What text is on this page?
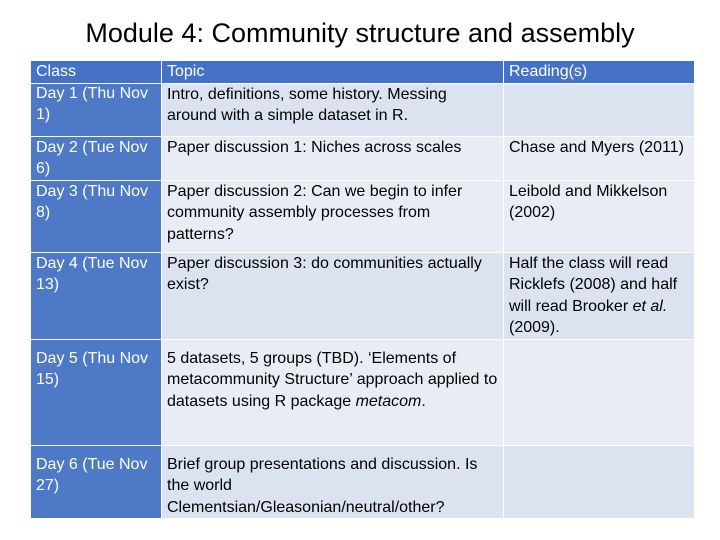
Module 4: Community structure and assembly
Class	Topic	Reading(s)

Day 1 (Thu Nov 1)	Intro, definitions, some history. Messing around with a simple dataset in R.	
Day 2 (Tue Nov 6)	Paper discussion 1: Niches across scales	Chase and Myers (2011)
Day 3 (Thu Nov 8)	Paper discussion 2: Can we begin to infer community assembly processes from patterns?	Leibold and Mikkelson (2002)
Day 4 (Tue Nov 13)	Paper discussion 3: do communities actually exist?	Half the class will read Ricklefs (2008) and half will read Brooker et al. (2009).
Day 5 (Thu Nov 15)	5 datasets, 5 groups (TBD). ‘Elements of metacommunity Structure’ approach applied to datasets using R package metacom.	
Day 6 (Tue Nov 27)	Brief group presentations and discussion. Is the world Clementsian/Gleasonian/neutral/other?	
